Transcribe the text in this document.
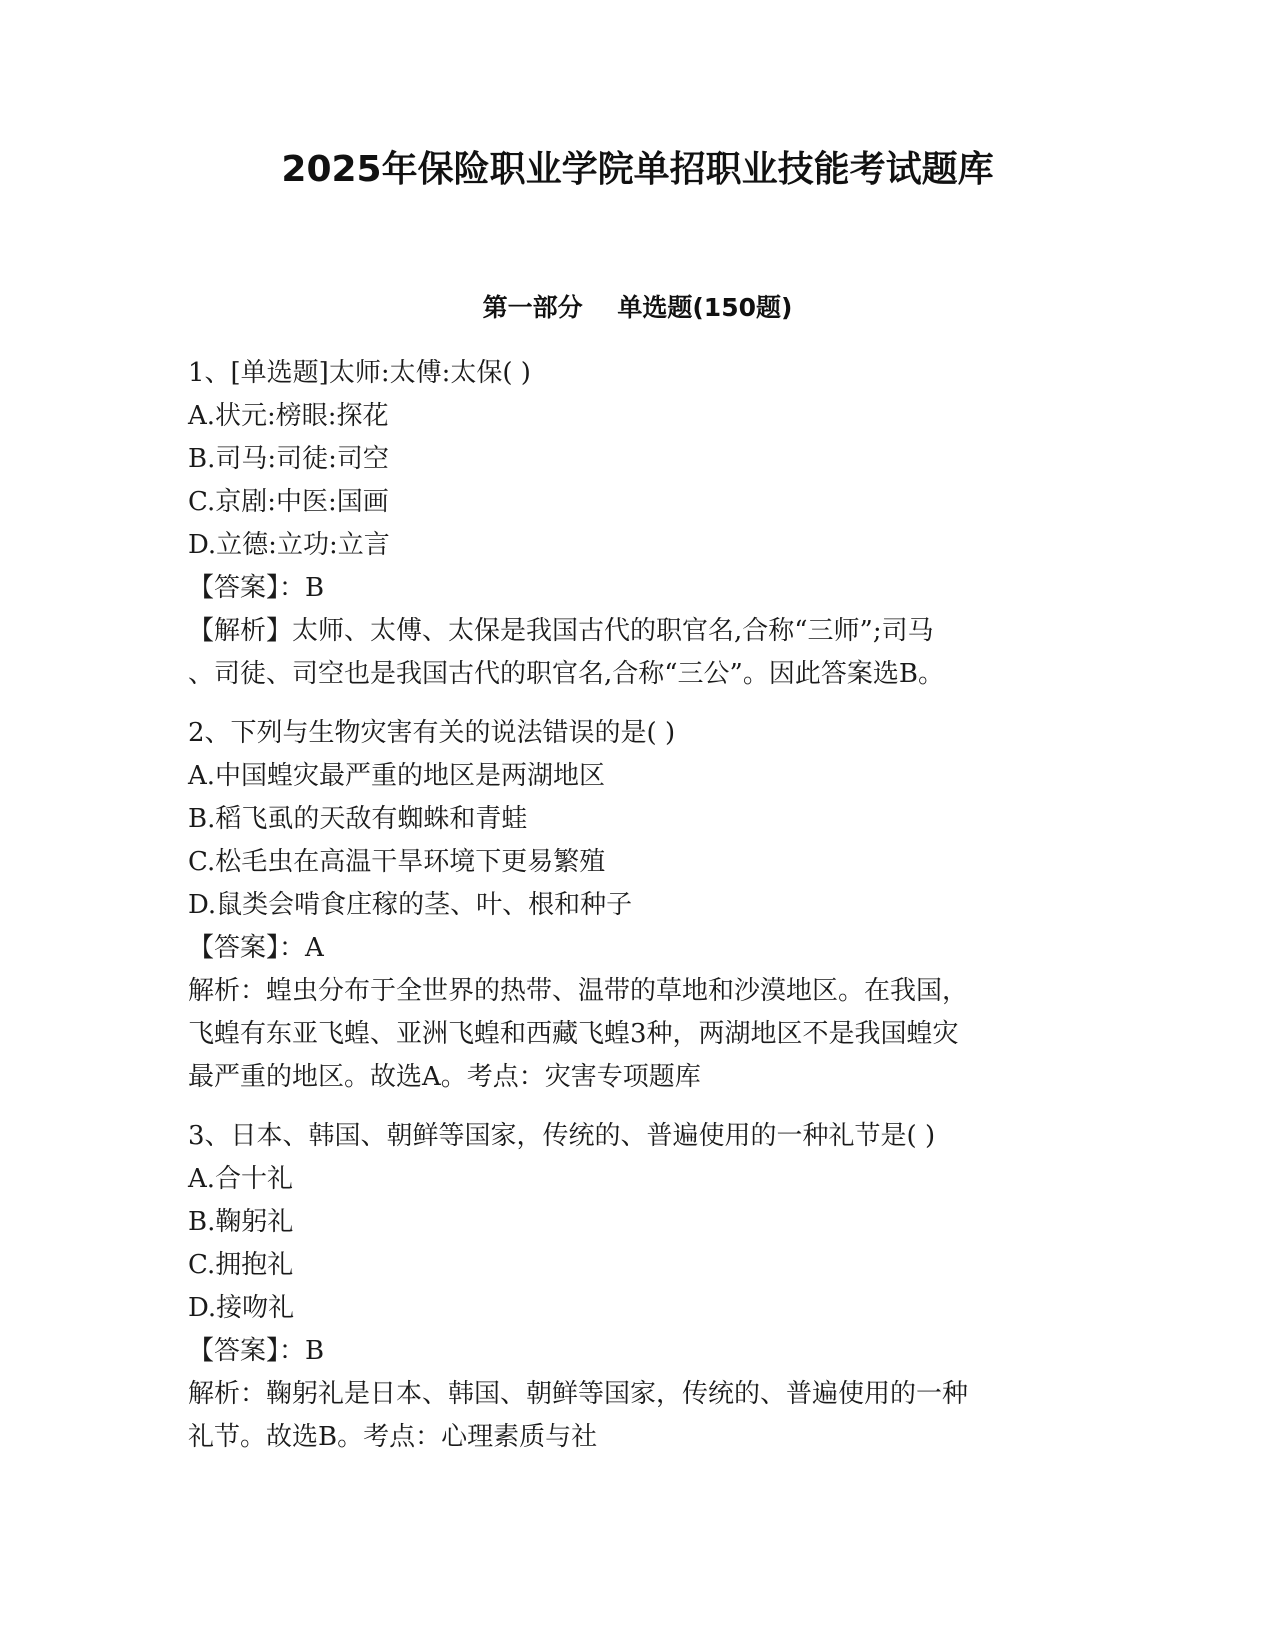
2025年保险职业学院单招职业技能考试题库
第一部分    单选题(150题)
1、[单选题]太师:太傅:太保( )
A.状元:榜眼:探花
B.司马:司徒:司空
C.京剧:中医:国画
D.立德:立功:立言
【答案】：B
【解析】太师、太傅、太保是我国古代的职官名,合称“三师”;司马
、司徒、司空也是我国古代的职官名,合称“三公”。因此答案选B。
2、下列与生物灾害有关的说法错误的是( )
A.中国蝗灾最严重的地区是两湖地区
B.稻飞虱的天敌有蜘蛛和青蛙
C.松毛虫在高温干旱环境下更易繁殖
D.鼠类会啃食庄稼的茎、叶、根和种子
【答案】：A
解析：蝗虫分布于全世界的热带、温带的草地和沙漠地区。在我国，
飞蝗有东亚飞蝗、亚洲飞蝗和西藏飞蝗3种，两湖地区不是我国蝗灾
最严重的地区。故选A。考点：灾害专项题库
3、日本、韩国、朝鲜等国家，传统的、普遍使用的一种礼节是( )
A.合十礼
B.鞠躬礼
C.拥抱礼
D.接吻礼
【答案】：B
解析：鞠躬礼是日本、韩国、朝鲜等国家，传统的、普遍使用的一种
礼节。故选B。考点：心理素质与社
